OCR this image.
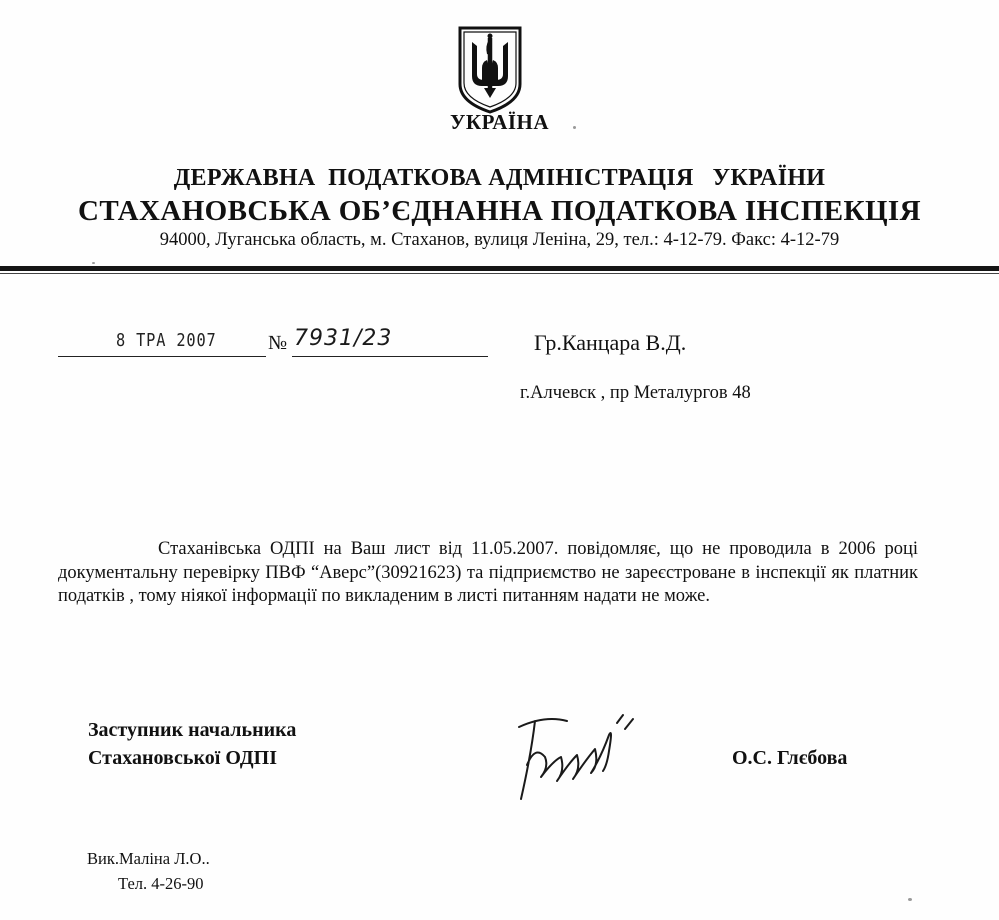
УКРАЇНА
ДЕРЖАВНА  ПОДАТКОВА АДМІНІСТРАЦІЯ   УКРАЇНИ
СТАХАНОВСЬКА ОБ’ЄДНАННА ПОДАТКОВА ІНСПЕКЦІЯ
94000, Луганська область, м. Стаханов, вулиця Леніна, 29, тел.: 4-12-79. Факс: 4-12-79
8 ТРА 2007	№ 7931/23	Гр.Канцара В.Д.
г.Алчевск , пр Металургов 48

Стаханівська ОДПІ на Ваш лист від 11.05.2007. повідомляє, що не проводила в 2006 році документальну перевірку ПВФ “Аверс”(30921623) та підприємство не зареєстроване в інспекції як платник податків , тому ніякої інформації по викладеним в листі питанням надати не може.

Заступник начальника
Стахановської ОДПІ	О.С. Глєбова
Вик.Маліна Л.О..
Тел. 4-26-90
